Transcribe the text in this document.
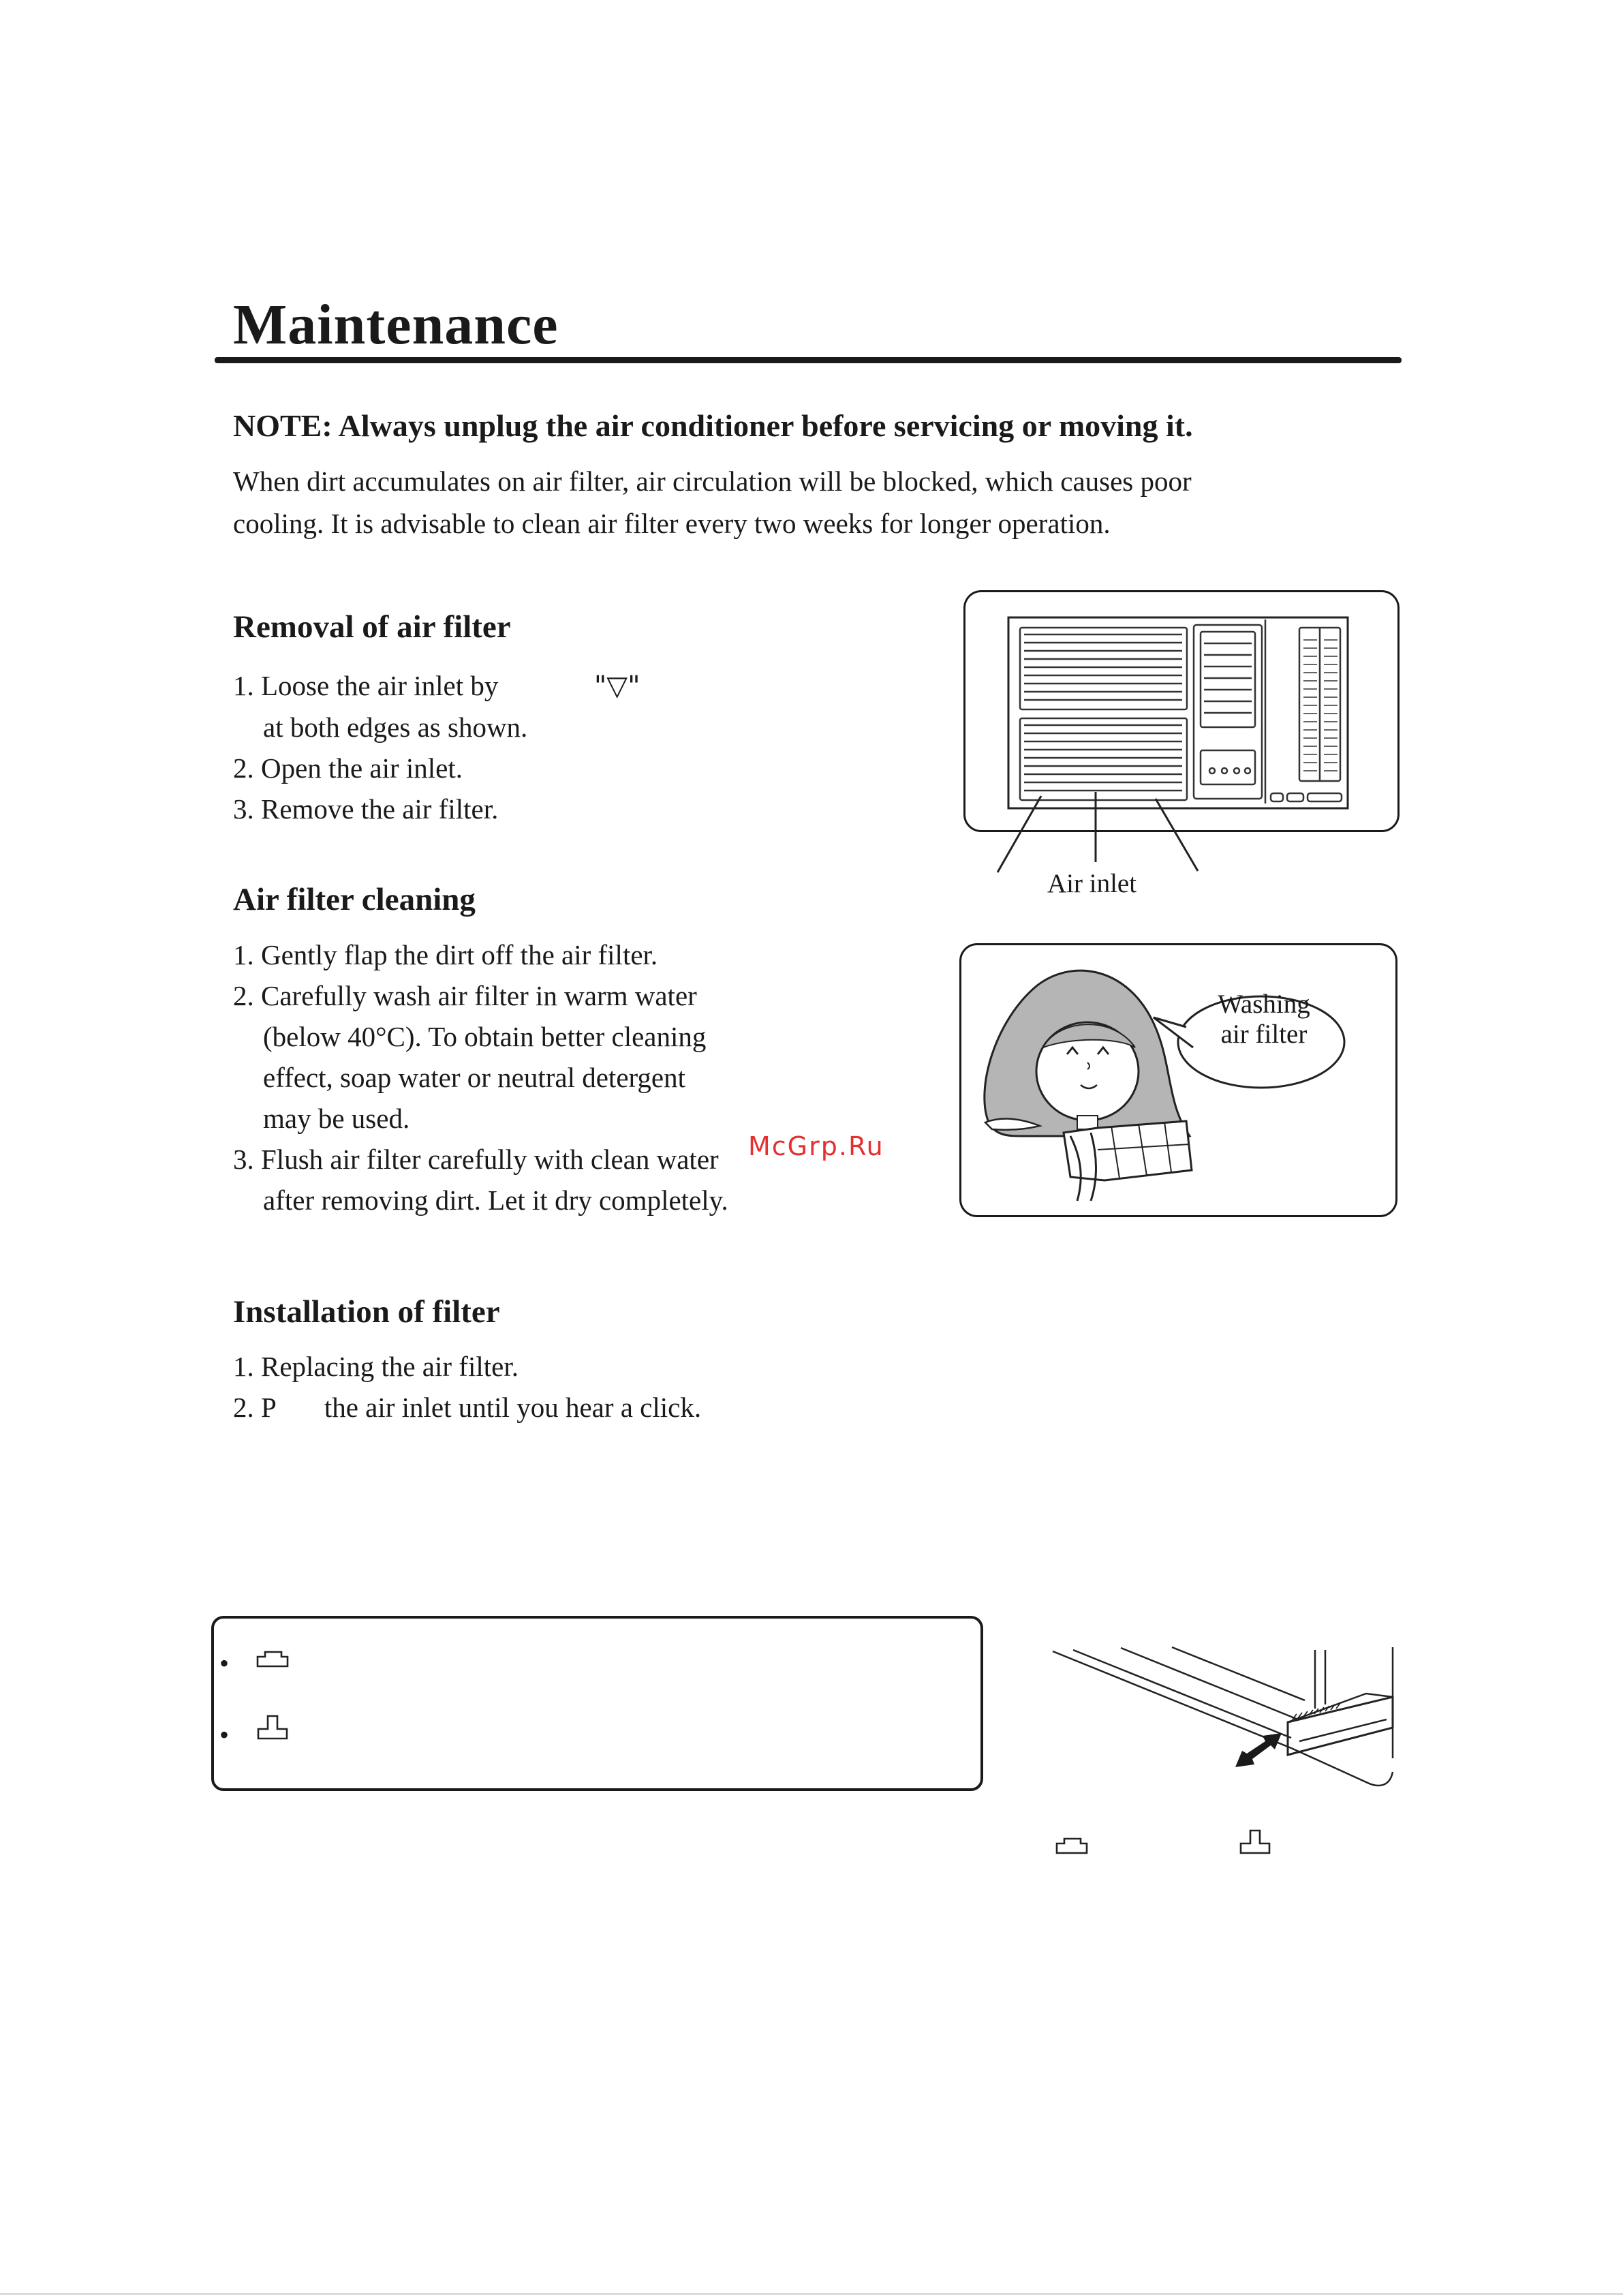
Maintenance
NOTE: Always unplug the air conditioner before servicing or moving it.
When dirt accumulates on air filter, air circulation will be blocked, which causes poor
cooling. It is advisable to clean air filter every two weeks for longer operation.
Removal of air filter
1. Loose the air inlet by	"▽"
at both edges as shown.
2. Open the air inlet.
3. Remove the air filter.
Air inlet
Air filter cleaning
1. Gently flap the dirt off the air filter.
2. Carefully wash air filter in warm water
(below 40°C). To obtain better cleaning
effect, soap water or neutral detergent
may be used.
3. Flush air filter carefully with clean water
after removing dirt. Let it dry completely.
Washing
air filter
McGrp.Ru
Installation of filter
1. Replacing the air filter.
2. P the air inlet until you hear a click.
•
•
